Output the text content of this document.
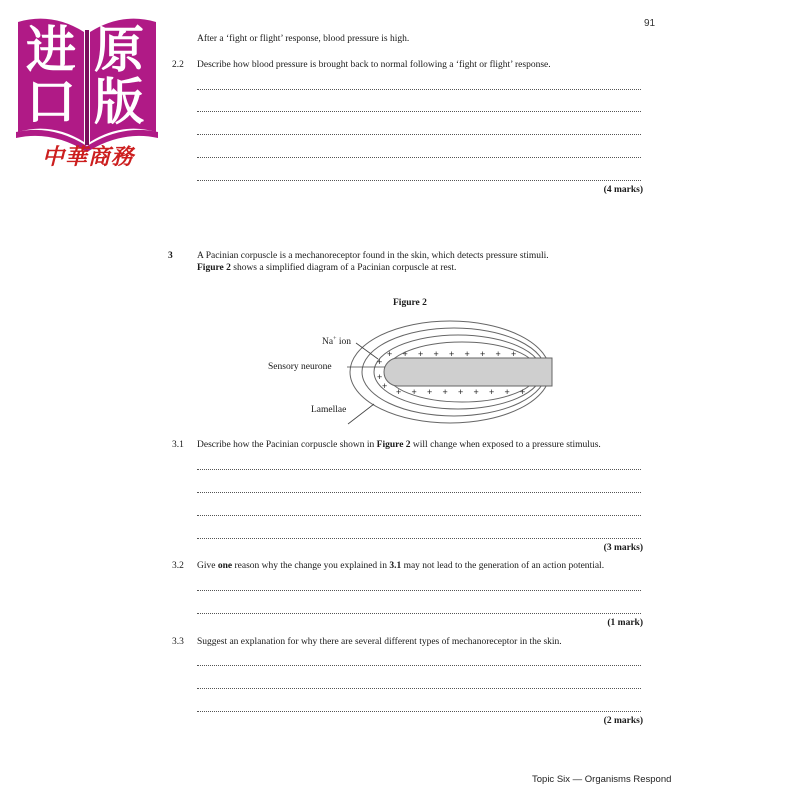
91
进 原
口 版
中華商務
After a ‘fight or flight’ response, blood pressure is high.
2.2 Describe how blood pressure is brought back to normal following a ‘fight or flight’ response.
(4 marks)
3	A Pacinian corpuscle is a mechanoreceptor found in the skin, which detects pressure stimuli.
Figure 2 shows a simplified diagram of a Pacinian corpuscle at rest.
Figure 2
+ + + + + + + + +
+ + + + + + + + +
+
+
+
Na+ ion
Sensory neurone
Lamellae
3.1 Describe how the Pacinian corpuscle shown in Figure 2 will change when exposed to a pressure stimulus.
(3 marks)
3.2 Give one reason why the change you explained in 3.1 may not lead to the generation of an action potential.
(1 mark)
3.3 Suggest an explanation for why there are several different types of mechanoreceptor in the skin.
(2 marks)
Topic Six — Organisms Respond
